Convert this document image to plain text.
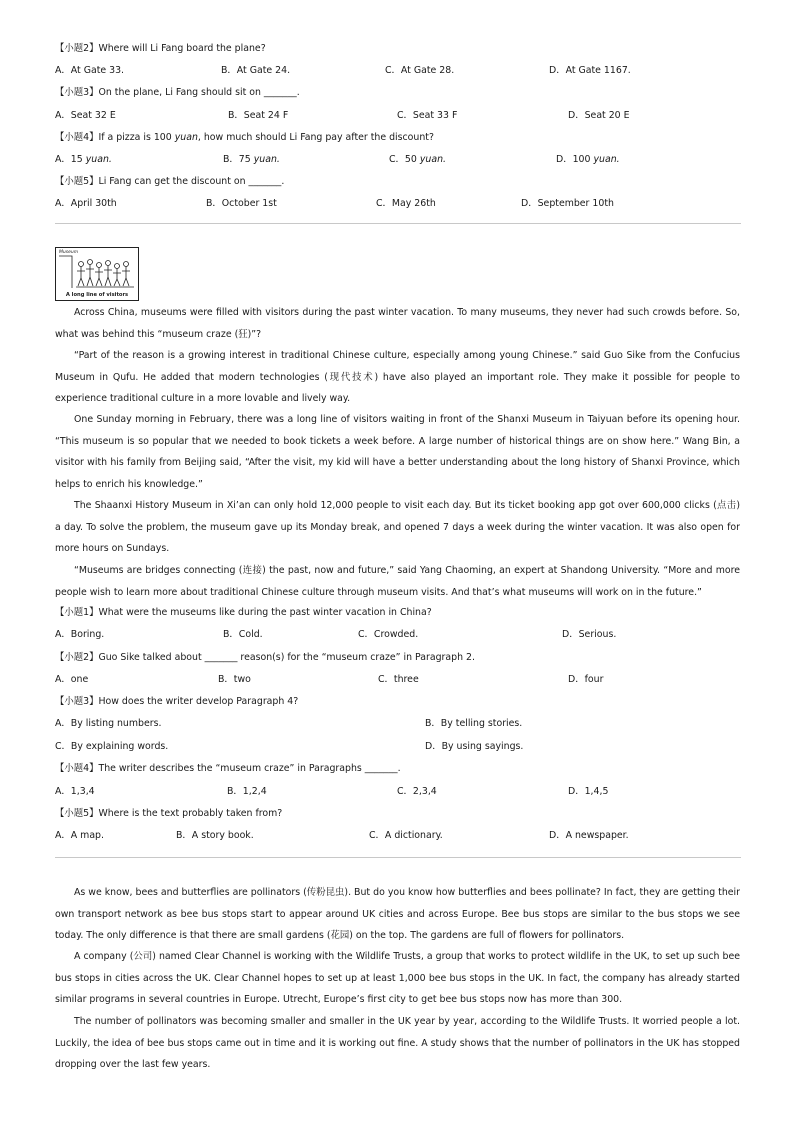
【小题2】Where will Li Fang board the plane?
A．At Gate 33.	B．At Gate 24.	C．At Gate 28.	D．At Gate 1167.
【小题3】On the plane, Li Fang should sit on _______.
A．Seat 32 E	B．Seat 24 F	C．Seat 33 F	D．Seat 20 E
【小题4】If a pizza is 100 yuan, how much should Li Fang pay after the discount?
A．15 yuan.	B．75 yuan.	C．50 yuan.	D．100 yuan.
【小题5】Li Fang can get the discount on _______.
A．April 30th	B．October 1st	C．May 26th	D．September 10th
Museum
A long line of visitors

Across China, museums were filled with visitors during the past winter vacation. To many museums, they never had such crowds before. So, what was behind this “museum craze (狂)”?

“Part of the reason is a growing interest in traditional Chinese culture, especially among young Chinese.” said Guo Sike from the Confucius Museum in Qufu. He added that modern technologies (现代技术) have also played an important role. They make it possible for people to experience traditional culture in a more lovable and lively way.

One Sunday morning in February, there was a long line of visitors waiting in front of the Shanxi Museum in Taiyuan before its opening hour. “This museum is so popular that we needed to book tickets a week before. A large number of historical things are on show here.” Wang Bin, a visitor with his family from Beijing said, “After the visit, my kid will have a better understanding about the long history of Shanxi Province, which helps to enrich his knowledge.”

The Shaanxi History Museum in Xi’an can only hold 12,000 people to visit each day. But its ticket booking app got over 600,000 clicks (点击) a day. To solve the problem, the museum gave up its Monday break, and opened 7 days a week during the winter vacation. It was also open for more hours on Sundays.

“Museums are bridges connecting (连接) the past, now and future,” said Yang Chaoming, an expert at Shandong University. “More and more people wish to learn more about traditional Chinese culture through museum visits. And that’s what museums will work on in the future.”

【小题1】What were the museums like during the past winter vacation in China?
A．Boring.	B．Cold.	C．Crowded.	D．Serious.
【小题2】Guo Sike talked about _______ reason(s) for the “museum craze” in Paragraph 2.
A．one	B．two	C．three	D．four
【小题3】How does the writer develop Paragraph 4?
A．By listing numbers.	B．By telling stories.
C．By explaining words.	D．By using sayings.
【小题4】The writer describes the “museum craze” in Paragraphs _______.
A．1,3,4	B．1,2,4	C．2,3,4	D．1,4,5
【小题5】Where is the text probably taken from?
A．A map.	B．A story book.	C．A dictionary.	D．A newspaper.

As we know, bees and butterflies are pollinators (传粉昆虫). But do you know how butterflies and bees pollinate? In fact, they are getting their own transport network as bee bus stops start to appear around UK cities and across Europe. Bee bus stops are similar to the bus stops we see today. The only difference is that there are small gardens (花园) on the top. The gardens are full of flowers for pollinators.

A company (公司) named Clear Channel is working with the Wildlife Trusts, a group that works to protect wildlife in the UK, to set up such bee bus stops in cities across the UK. Clear Channel hopes to set up at least 1,000 bee bus stops in the UK. In fact, the company has already started similar programs in several countries in Europe. Utrecht, Europe’s first city to get bee bus stops now has more than 300.

The number of pollinators was becoming smaller and smaller in the UK year by year, according to the Wildlife Trusts. It worried people a lot. Luckily, the idea of bee bus stops came out in time and it is working out fine. A study shows that the number of pollinators in the UK has stopped dropping over the last few years.
